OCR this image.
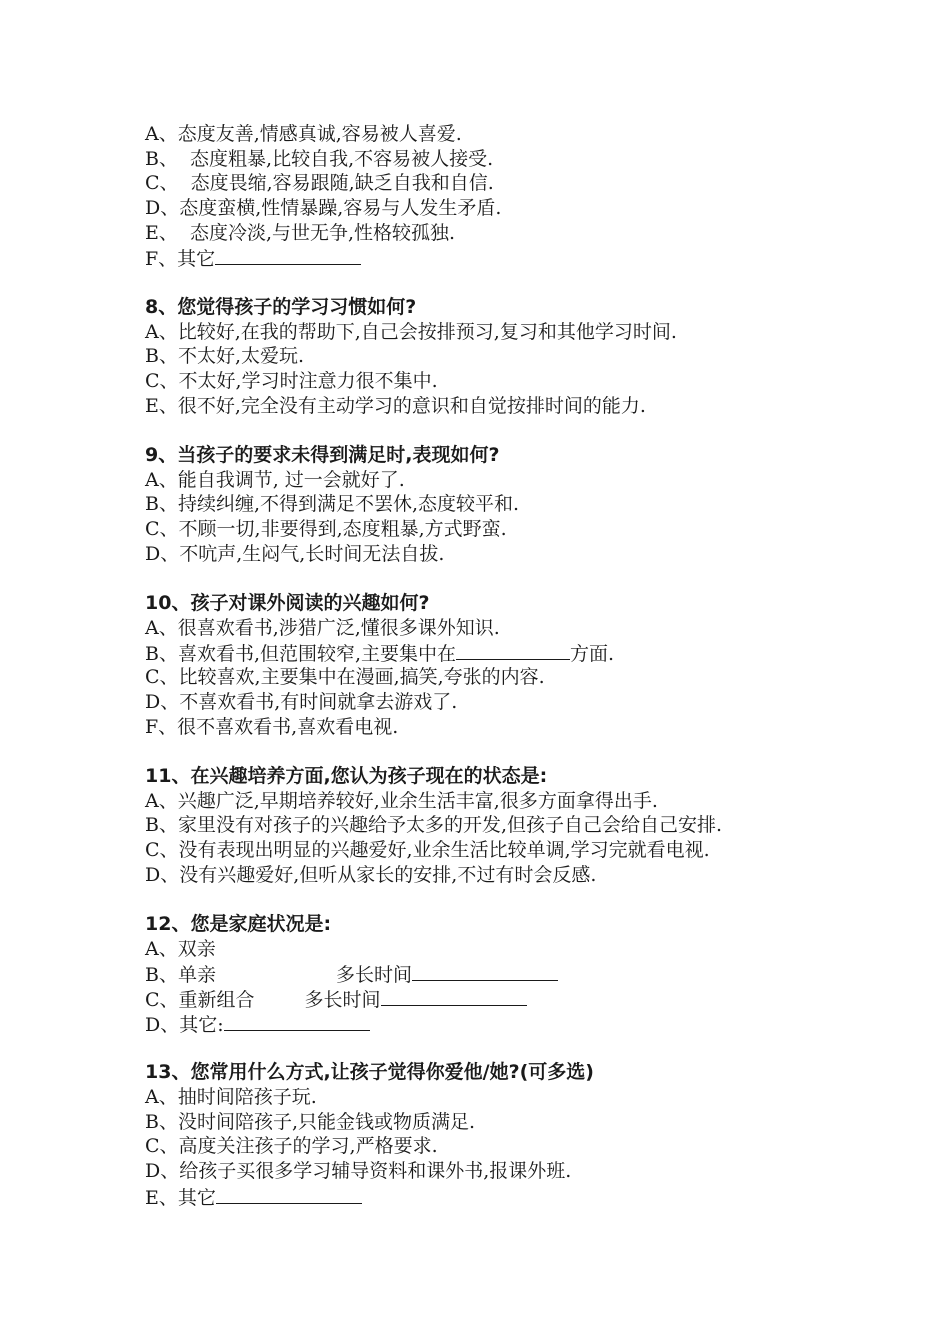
A、态度友善,情感真诚,容易被人喜爱.
B、  态度粗暴,比较自我,不容易被人接受.
C、  态度畏缩,容易跟随,缺乏自我和自信.
D、态度蛮横,性情暴躁,容易与人发生矛盾.
E、  态度冷淡,与世无争,性格较孤独.
F、其它
8、您觉得孩子的学习习惯如何?
A、比较好,在我的帮助下,自己会按排预习,复习和其他学习时间.
B、不太好,太爱玩.
C、不太好,学习时注意力很不集中.
E、很不好,完全没有主动学习的意识和自觉按排时间的能力.
9、当孩子的要求未得到满足时,表现如何?
A、能自我调节, 过一会就好了.
B、持续纠缠,不得到满足不罢休,态度较平和.
C、不顾一切,非要得到,态度粗暴,方式野蛮.
D、不吭声,生闷气,长时间无法自拔.
10、孩子对课外阅读的兴趣如何?
A、很喜欢看书,涉猎广泛,懂很多课外知识.
B、喜欢看书,但范围较窄,主要集中在	方面.
C、比较喜欢,主要集中在漫画,搞笑,夸张的内容.
D、不喜欢看书,有时间就拿去游戏了.
F、很不喜欢看书,喜欢看电视.
11、在兴趣培养方面,您认为孩子现在的状态是:
A、兴趣广泛,早期培养较好,业余生活丰富,很多方面拿得出手.
B、家里没有对孩子的兴趣给予太多的开发,但孩子自己会给自己安排.
C、没有表现出明显的兴趣爱好,业余生活比较单调,学习完就看电视.
D、没有兴趣爱好,但听从家长的安排,不过有时会反感.
12、您是家庭状况是:
A、双亲
B、单亲	多长时间
C、重新组合	多长时间
D、其它:
13、您常用什么方式,让孩子觉得你爱他/她?(可多选)
A、抽时间陪孩子玩.
B、没时间陪孩子,只能金钱或物质满足.
C、高度关注孩子的学习,严格要求.
D、给孩子买很多学习辅导资料和课外书,报课外班.
E、其它
